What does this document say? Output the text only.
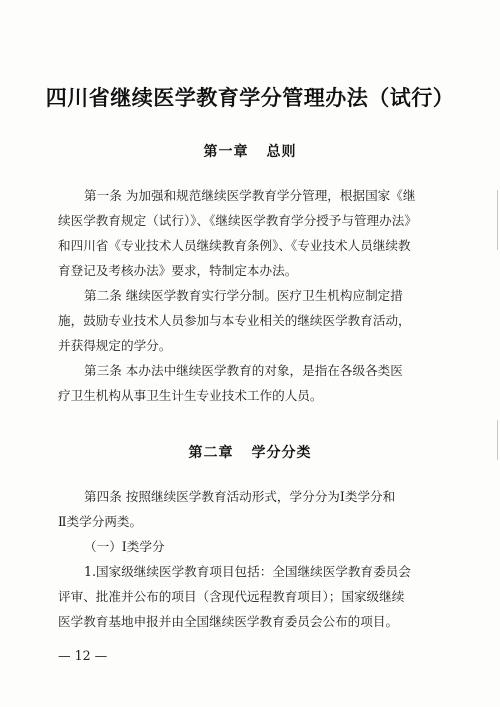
四川省继续医学教育学分管理办法（试行）
第一章 总则
第一条 为加强和规范继续医学教育学分管理，根据国家《继
续医学教育规定（试行）》、《继续医学教育学分授予与管理办法》
和四川省《专业技术人员继续教育条例》、《专业技术人员继续教
育登记及考核办法》要求，特制定本办法。
第二条 继续医学教育实行学分制。医疗卫生机构应制定措
施，鼓励专业技术人员参加与本专业相关的继续医学教育活动，
并获得规定的学分。
第三条 本办法中继续医学教育的对象，是指在各级各类医
疗卫生机构从事卫生计生专业技术工作的人员。
第二章 学分分类
第四条 按照继续医学教育活动形式，学分分为Ⅰ类学分和
Ⅱ类学分两类。
（一）Ⅰ类学分
1.国家级继续医学教育项目包括：全国继续医学教育委员会
评审、批准并公布的项目（含现代远程教育项目）；国家级继续
医学教育基地申报并由全国继续医学教育委员会公布的项目。
— 12 —
